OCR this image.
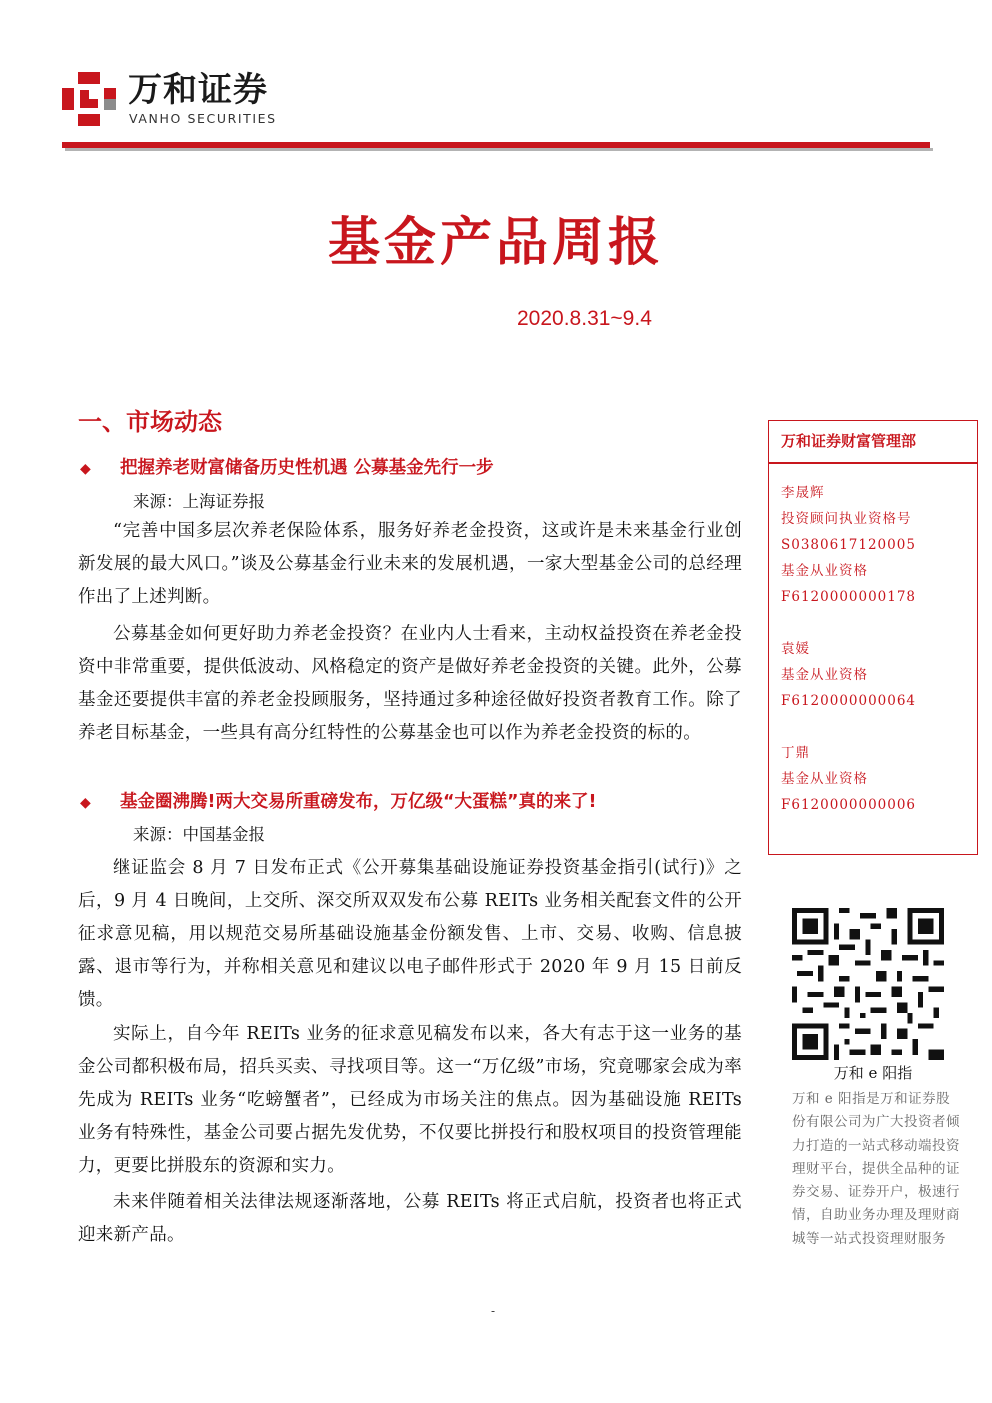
万和证券
VANHO SECURITIES
基金产品周报
2020.8.31~9.4
一、市场动态
◆ 把握养老财富储备历史性机遇 公募基金先行一步
来源：上海证券报
“完善中国多层次养老保险体系，服务好养老金投资，这或许是未来基金行业创新发展的最大风口。”谈及公募基金行业未来的发展机遇，一家大型基金公司的总经理作出了上述判断。
公募基金如何更好助力养老金投资？在业内人士看来，主动权益投资在养老金投资中非常重要，提供低波动、风格稳定的资产是做好养老金投资的关键。此外，公募基金还要提供丰富的养老金投顾服务，坚持通过多种途径做好投资者教育工作。除了养老目标基金，一些具有高分红特性的公募基金也可以作为养老金投资的标的。
◆ 基金圈沸腾!两大交易所重磅发布，万亿级“大蛋糕”真的来了!
来源：中国基金报
继证监会 8 月 7 日发布正式《公开募集基础设施证券投资基金指引(试行)》之后，9 月 4 日晚间，上交所、深交所双双发布公募 REITs 业务相关配套文件的公开征求意见稿，用以规范交易所基础设施基金份额发售、上市、交易、收购、信息披露、退市等行为，并称相关意见和建议以电子邮件形式于 2020 年 9 月 15 日前反馈。
实际上，自今年 REITs 业务的征求意见稿发布以来，各大有志于这一业务的基金公司都积极布局，招兵买卖、寻找项目等。这一“万亿级”市场，究竟哪家会成为率先成为 REITs 业务“吃螃蟹者”，已经成为市场关注的焦点。因为基础设施 REITs 业务有特殊性，基金公司要占据先发优势，不仅要比拼投行和股权项目的投资管理能力，更要比拼股东的资源和实力。
未来伴随着相关法律法规逐渐落地，公募 REITs 将正式启航，投资者也将正式迎来新产品。
万和证券财富管理部
李晟辉
投资顾问执业资格号
S0380617120005
基金从业资格
F6120000000178
袁媛
基金从业资格
F6120000000064
丁鼎
基金从业资格
F6120000000006
万和 e 阳指
万和 e 阳指是万和证券股份有限公司为广大投资者倾力打造的一站式移动端投资理财平台，提供全品种的证券交易、证券开户，极速行情，自助业务办理及理财商城等一站式投资理财服务
-
